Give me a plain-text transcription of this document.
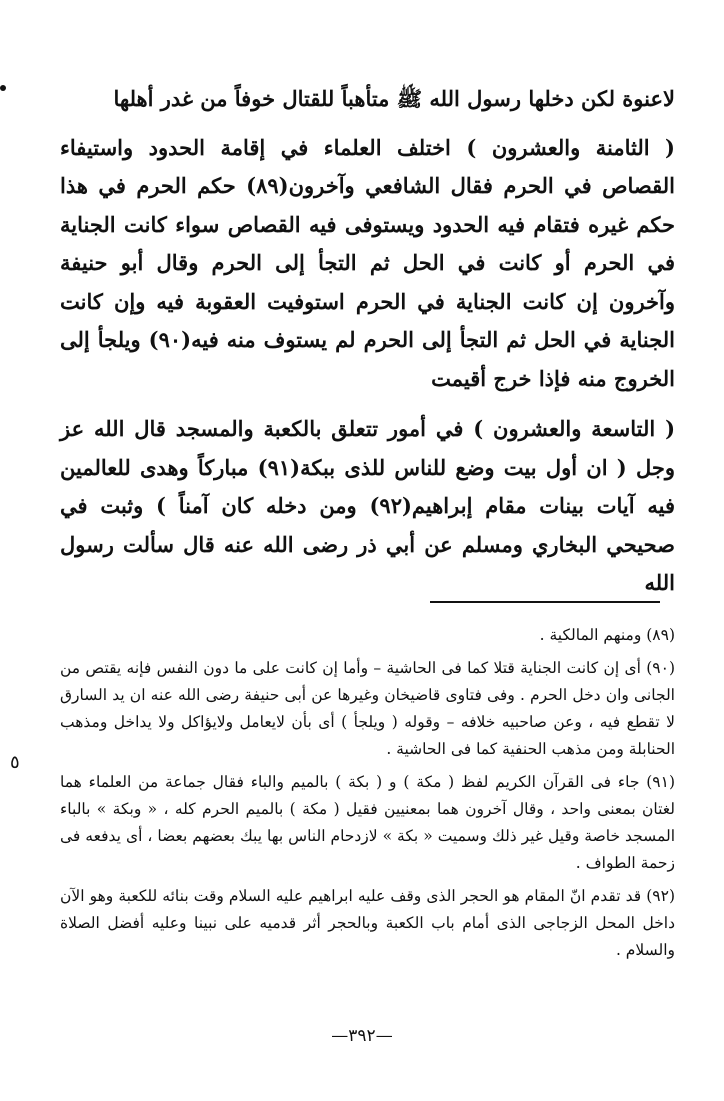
لاعنوة لكن دخلها رسول الله ﷺ متأهباً للقتال خوفاً من غدر أهلها

( الثامنة والعشرون ) اختلف العلماء في إقامة الحدود واستيفاء القصاص في الحرم فقال الشافعي وآخرون(٨٩) حكم الحرم في هذا حكم غيره فتقام فيه الحدود ويستوفى فيه القصاص سواء كانت الجناية في الحرم أو كانت في الحل ثم التجأ إلى الحرم وقال أبو حنيفة وآخرون إن كانت الجناية في الحرم استوفيت العقوبة فيه وإن كانت الجناية في الحل ثم التجأ إلى الحرم لم يستوف منه فيه(٩٠) ويلجأ إلى الخروج منه فإذا خرج أقيمت

( التاسعة والعشرون ) في أمور تتعلق بالكعبة والمسجد قال الله عز وجل ( ان أول بيت وضع للناس للذى ببكة(٩١) مباركاً وهدى للعالمين فيه آيات بينات مقام إبراهيم(٩٢) ومن دخله كان آمناً ) وثبت في صحيحي البخاري ومسلم عن أبي ذر رضى الله عنه قال سألت رسول الله

(٨٩) ومنهم المالكية .

(٩٠) أى إن كانت الجناية قتلا كما فى الحاشية – وأما إن كانت على ما دون النفس فإنه يقتص من الجانى وان دخل الحرم . وفى فتاوى قاضيخان وغيرها عن أبى حنيفة رضى الله عنه ان يد السارق لا تقطع فيه ، وعن صاحبيه خلافه – وقوله ( ويلجأ ) أى بأن لايعامل ولايؤاكل ولا يداخل ومذهب الحنابلة ومن مذهب الحنفية كما فى الحاشية .

(٩١) جاء فى القرآن الكريم لفظ ( مكة ) و ( بكة ) بالميم والباء فقال جماعة من العلماء هما لغتان بمعنى واحد ، وقال آخرون هما بمعنيين فقيل ( مكة ) بالميم الحرم كله ، « وبكة » بالباء المسجد خاصة وقيل غير ذلك وسميت « بكة » لازدحام الناس بها يبك بعضهم بعضا ، أى يدفعه فى زحمة الطواف .

(٩٢) قد تقدم انّ المقام هو الحجر الذى وقف عليه ابراهيم عليه السلام وقت بنائه للكعبة وهو الآن داخل المحل الزجاجى الذى أمام باب الكعبة وبالحجر أثر قدميه على نبينا وعليه أفضل الصلاة والسلام .

٥
—٣٩٢—
